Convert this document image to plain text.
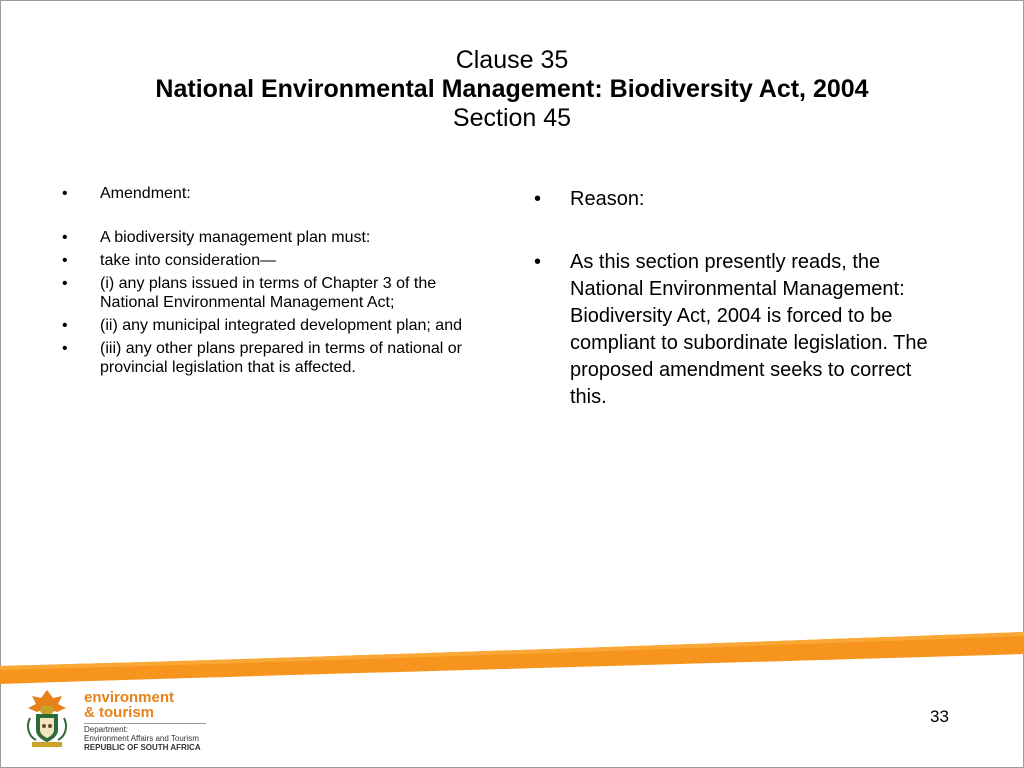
Clause 35
National Environmental Management: Biodiversity Act, 2004
Section 45
• Amendment:
• A biodiversity management plan must:
• take into consideration—
• (i) any plans issued in terms of Chapter 3 of the National Environmental Management Act;
• (ii) any municipal integrated development plan; and
• (iii) any other plans prepared in terms of national or provincial legislation that is affected.
• Reason:
• As this section presently reads, the National Environmental Management: Biodiversity Act, 2004 is forced to be compliant to subordinate legislation. The proposed amendment seeks to correct this.
environment
& tourism
Department:
Environment Affairs and Tourism
REPUBLIC OF SOUTH AFRICA
33
